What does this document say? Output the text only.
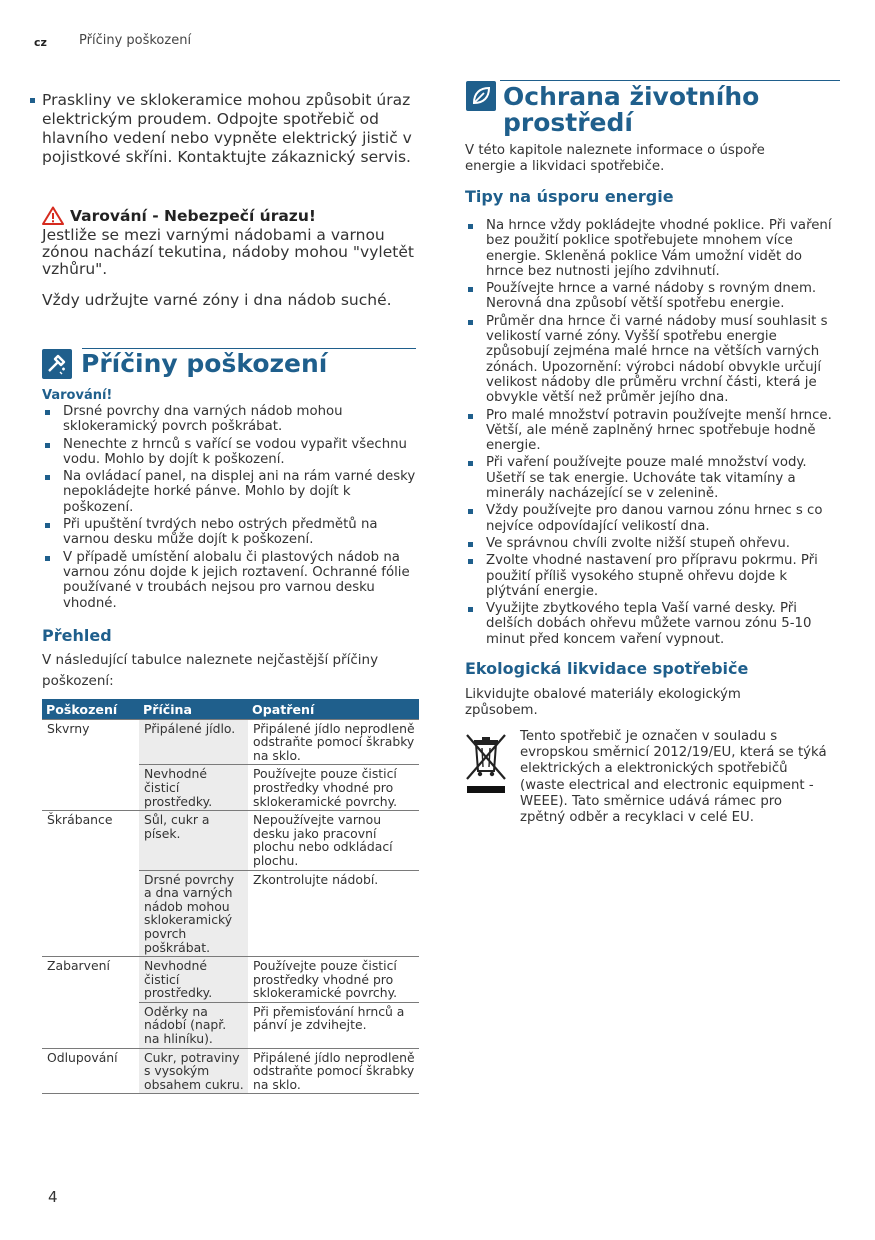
cz Příčiny poškození
Praskliny ve sklokeramice mohou způsobit úraz elektrickým proudem. Odpojte spotřebič od hlavního vedení nebo vypněte elektrický jistič v pojistkové skříni. Kontaktujte zákaznický servis.
Varování - Nebezpečí úrazu!
Jestliže se mezi varnými nádobami a varnou zónou nachází tekutina, nádoby mohou "vyletět vzhůru".
Vždy udržujte varné zóny i dna nádob suché.
Příčiny poškození
Varování!
Drsné povrchy dna varných nádob mohou sklokeramický povrch poškrábat.
Nenechte z hrnců s vařící se vodou vypařit všechnu vodu. Mohlo by dojít k poškození.
Na ovládací panel, na displej ani na rám varné desky nepokládejte horké pánve. Mohlo by dojít k poškození.
Při upuštění tvrdých nebo ostrých předmětů na varnou desku může dojít k poškození.
V případě umístění alobalu či plastových nádob na varnou zónu dojde k jejich roztavení. Ochranné fólie používané v troubách nejsou pro varnou desku vhodné.
Přehled
V následující tabulce naleznete nejčastější příčiny poškození:
Poškození	Příčina	Opatření
Skvrny	Připálené jídlo.	Připálené jídlo neprodleně odstraňte pomocí škrabky na sklo.
	Nevhodné čisticí prostředky.	Používejte pouze čisticí prostředky vhodné pro sklokeramické povrchy.
Škrábance	Sůl, cukr a písek.	Nepoužívejte varnou desku jako pracovní plochu nebo odkládací plochu.
	Drsné povrchy a dna varných nádob mohou sklokeramický povrch poškrábat.	Zkontrolujte nádobí.
Zabarvení	Nevhodné čisticí prostředky.	Používejte pouze čisticí prostředky vhodné pro sklokeramické povrchy.
	Oděrky na nádobí (např. na hliníku).	Při přemisťování hrnců a pánví je zdvihejte.
Odlupování	Cukr, potraviny s vysokým obsahem cukru.	Připálené jídlo neprodleně odstraňte pomocí škrabky na sklo.
Ochrana životního prostředí
V této kapitole naleznete informace o úspoře energie a likvidaci spotřebiče.
Tipy na úsporu energie
Na hrnce vždy pokládejte vhodné poklice. Při vaření bez použití poklice spotřebujete mnohem více energie. Skleněná poklice Vám umožní vidět do hrnce bez nutnosti jejího zdvihnutí.
Používejte hrnce a varné nádoby s rovným dnem. Nerovná dna způsobí větší spotřebu energie.
Průměr dna hrnce či varné nádoby musí souhlasit s velikostí varné zóny. Vyšší spotřebu energie způsobují zejména malé hrnce na větších varných zónách. Upozornění: výrobci nádobí obvykle určují velikost nádoby dle průměru vrchní části, která je obvykle větší než průměr jejího dna.
Pro malé množství potravin používejte menší hrnce. Větší, ale méně zaplněný hrnec spotřebuje hodně energie.
Při vaření používejte pouze malé množství vody. Ušetří se tak energie. Uchováte tak vitamíny a minerály nacházející se v zelenině.
Vždy používejte pro danou varnou zónu hrnec s co nejvíce odpovídající velikostí dna.
Ve správnou chvíli zvolte nižší stupeň ohřevu.
Zvolte vhodné nastavení pro přípravu pokrmu. Při použití příliš vysokého stupně ohřevu dojde k plýtvání energie.
Využijte zbytkového tepla Vaší varné desky. Při delších dobách ohřevu můžete varnou zónu 5-10 minut před koncem vaření vypnout.
Ekologická likvidace spotřebiče
Likvidujte obalové materiály ekologickým způsobem.
Tento spotřebič je označen v souladu s evropskou směrnicí 2012/19/EU, která se týká elektrických a elektronických spotřebičů (waste electrical and electronic equipment - WEEE). Tato směrnice udává rámec pro zpětný odběr a recyklaci v celé EU.
4
